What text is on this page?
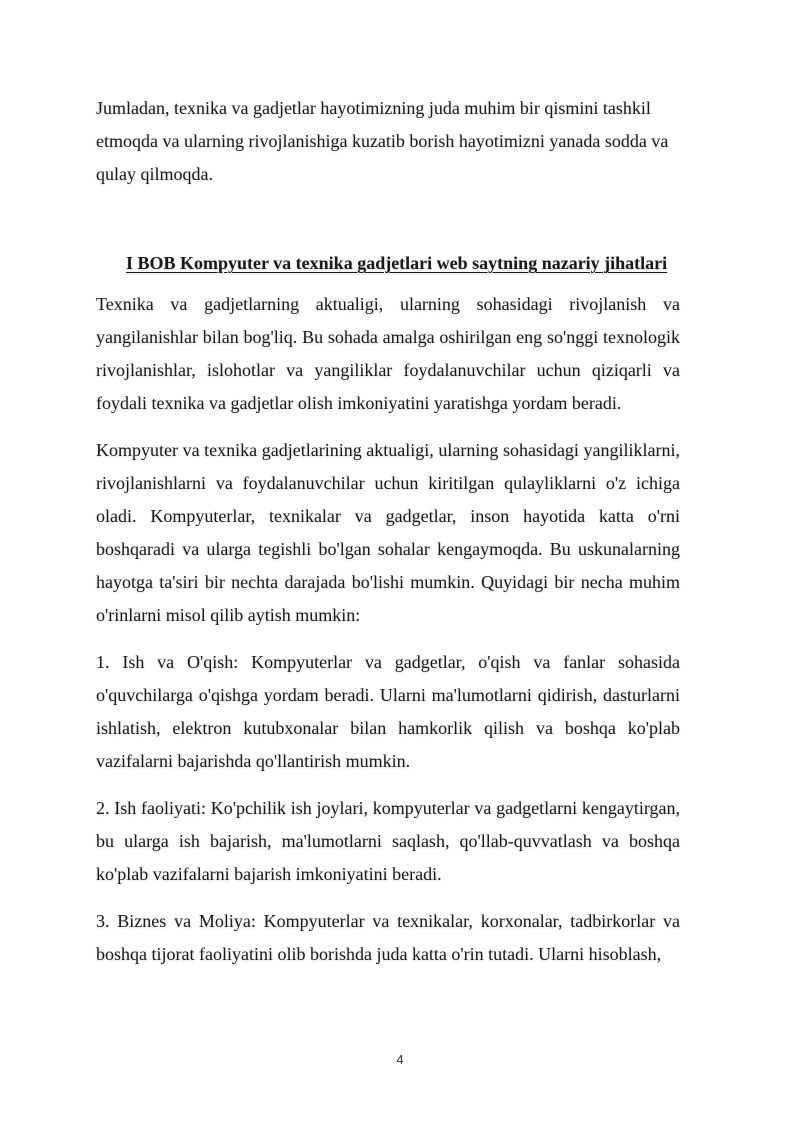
Jumladan, texnika va gadjetlar hayotimizning juda muhim bir qismini tashkil etmoqda va ularning rivojlanishiga kuzatib borish hayotimizni yanada sodda va qulay qilmoqda.

I BOB Kompyuter va texnika gadjetlari web saytning nazariy jihatlari

Texnika va gadjetlarning aktualigi, ularning sohasidagi rivojlanish va yangilanishlar bilan bog'liq. Bu sohada amalga oshirilgan eng so'nggi texnologik rivojlanishlar, islohotlar va yangiliklar foydalanuvchilar uchun qiziqarli va foydali texnika va gadjetlar olish imkoniyatini yaratishga yordam beradi.

Kompyuter va texnika gadjetlarining aktualigi, ularning sohasidagi yangiliklarni, rivojlanishlarni va foydalanuvchilar uchun kiritilgan qulayliklarni o'z ichiga oladi. Kompyuterlar, texnikalar va gadgetlar, inson hayotida katta o'rni boshqaradi va ularga tegishli bo'lgan sohalar kengaymoqda. Bu uskunalarning hayotga ta'siri bir nechta darajada bo'lishi mumkin. Quyidagi bir necha muhim o'rinlarni misol qilib aytish mumkin:

1. Ish va O'qish: Kompyuterlar va gadgetlar, o'qish va fanlar sohasida o'quvchilarga o'qishga yordam beradi. Ularni ma'lumotlarni qidirish, dasturlarni ishlatish, elektron kutubxonalar bilan hamkorlik qilish va boshqa ko'plab vazifalarni bajarishda qo'llantirish mumkin.

2. Ish faoliyati: Ko'pchilik ish joylari, kompyuterlar va gadgetlarni kengaytirgan, bu ularga ish bajarish, ma'lumotlarni saqlash, qo'llab-quvvatlash va boshqa ko'plab vazifalarni bajarish imkoniyatini beradi.

3. Biznes va Moliya: Kompyuterlar va texnikalar, korxonalar, tadbirkorlar va boshqa tijorat faoliyatini olib borishda juda katta o'rin tutadi. Ularni hisoblash,

4
